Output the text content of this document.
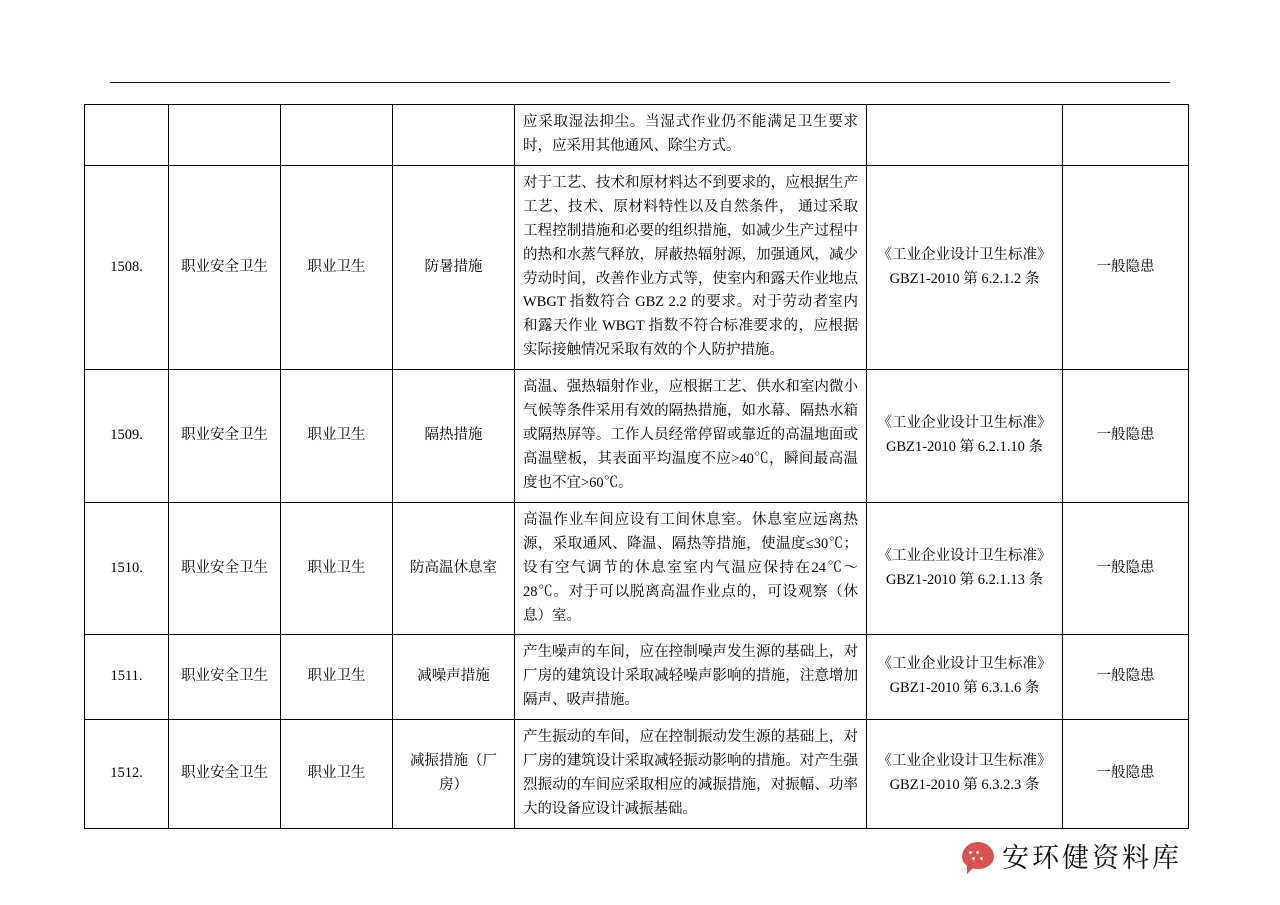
				应采取湿法抑尘。当湿式作业仍不能满足卫生要求时，应采用其他通风、除尘方式。		
1508.	职业安全卫生	职业卫生	防暑措施	对于工艺、技术和原材料达不到要求的，应根据生产工艺、技术、原材料特性以及自然条件， 通过采取工程控制措施和必要的组织措施，如减少生产过程中的热和水蒸气释放，屏蔽热辐射源，加强通风，减少劳动时间，改善作业方式等，使室内和露天作业地点 WBGT 指数符合 GBZ 2.2 的要求。对于劳动者室内和露天作业 WBGT 指数不符合标准要求的，应根据实际接触情况采取有效的个人防护措施。	《工业企业设计卫生标准》GBZ1-2010 第 6.2.1.2 条	一般隐患
1509.	职业安全卫生	职业卫生	隔热措施	高温、强热辐射作业，应根据工艺、供水和室内微小气候等条件采用有效的隔热措施，如水幕、隔热水箱或隔热屏等。工作人员经常停留或靠近的高温地面或高温壁板，其表面平均温度不应>40℃，瞬间最高温度也不宜>60℃。	《工业企业设计卫生标准》GBZ1-2010 第 6.2.1.10 条	一般隐患
1510.	职业安全卫生	职业卫生	防高温休息室	高温作业车间应设有工间休息室。休息室应远离热源，采取通风、降温、隔热等措施，使温度≤30℃；设有空气调节的休息室室内气温应保持在24℃～28℃。对于可以脱离高温作业点的，可设观察（休息）室。	《工业企业设计卫生标准》GBZ1-2010 第 6.2.1.13 条	一般隐患
1511.	职业安全卫生	职业卫生	减噪声措施	产生噪声的车间，应在控制噪声发生源的基础上，对厂房的建筑设计采取减轻噪声影响的措施，注意增加隔声、吸声措施。	《工业企业设计卫生标准》GBZ1-2010 第 6.3.1.6 条	一般隐患
1512.	职业安全卫生	职业卫生	减振措施（厂房）	产生振动的车间，应在控制振动发生源的基础上，对厂房的建筑设计采取减轻振动影响的措施。对产生强烈振动的车间应采取相应的减振措施，对振幅、功率大的设备应设计减振基础。	《工业企业设计卫生标准》GBZ1-2010 第 6.3.2.3 条	一般隐患
安环健资料库
